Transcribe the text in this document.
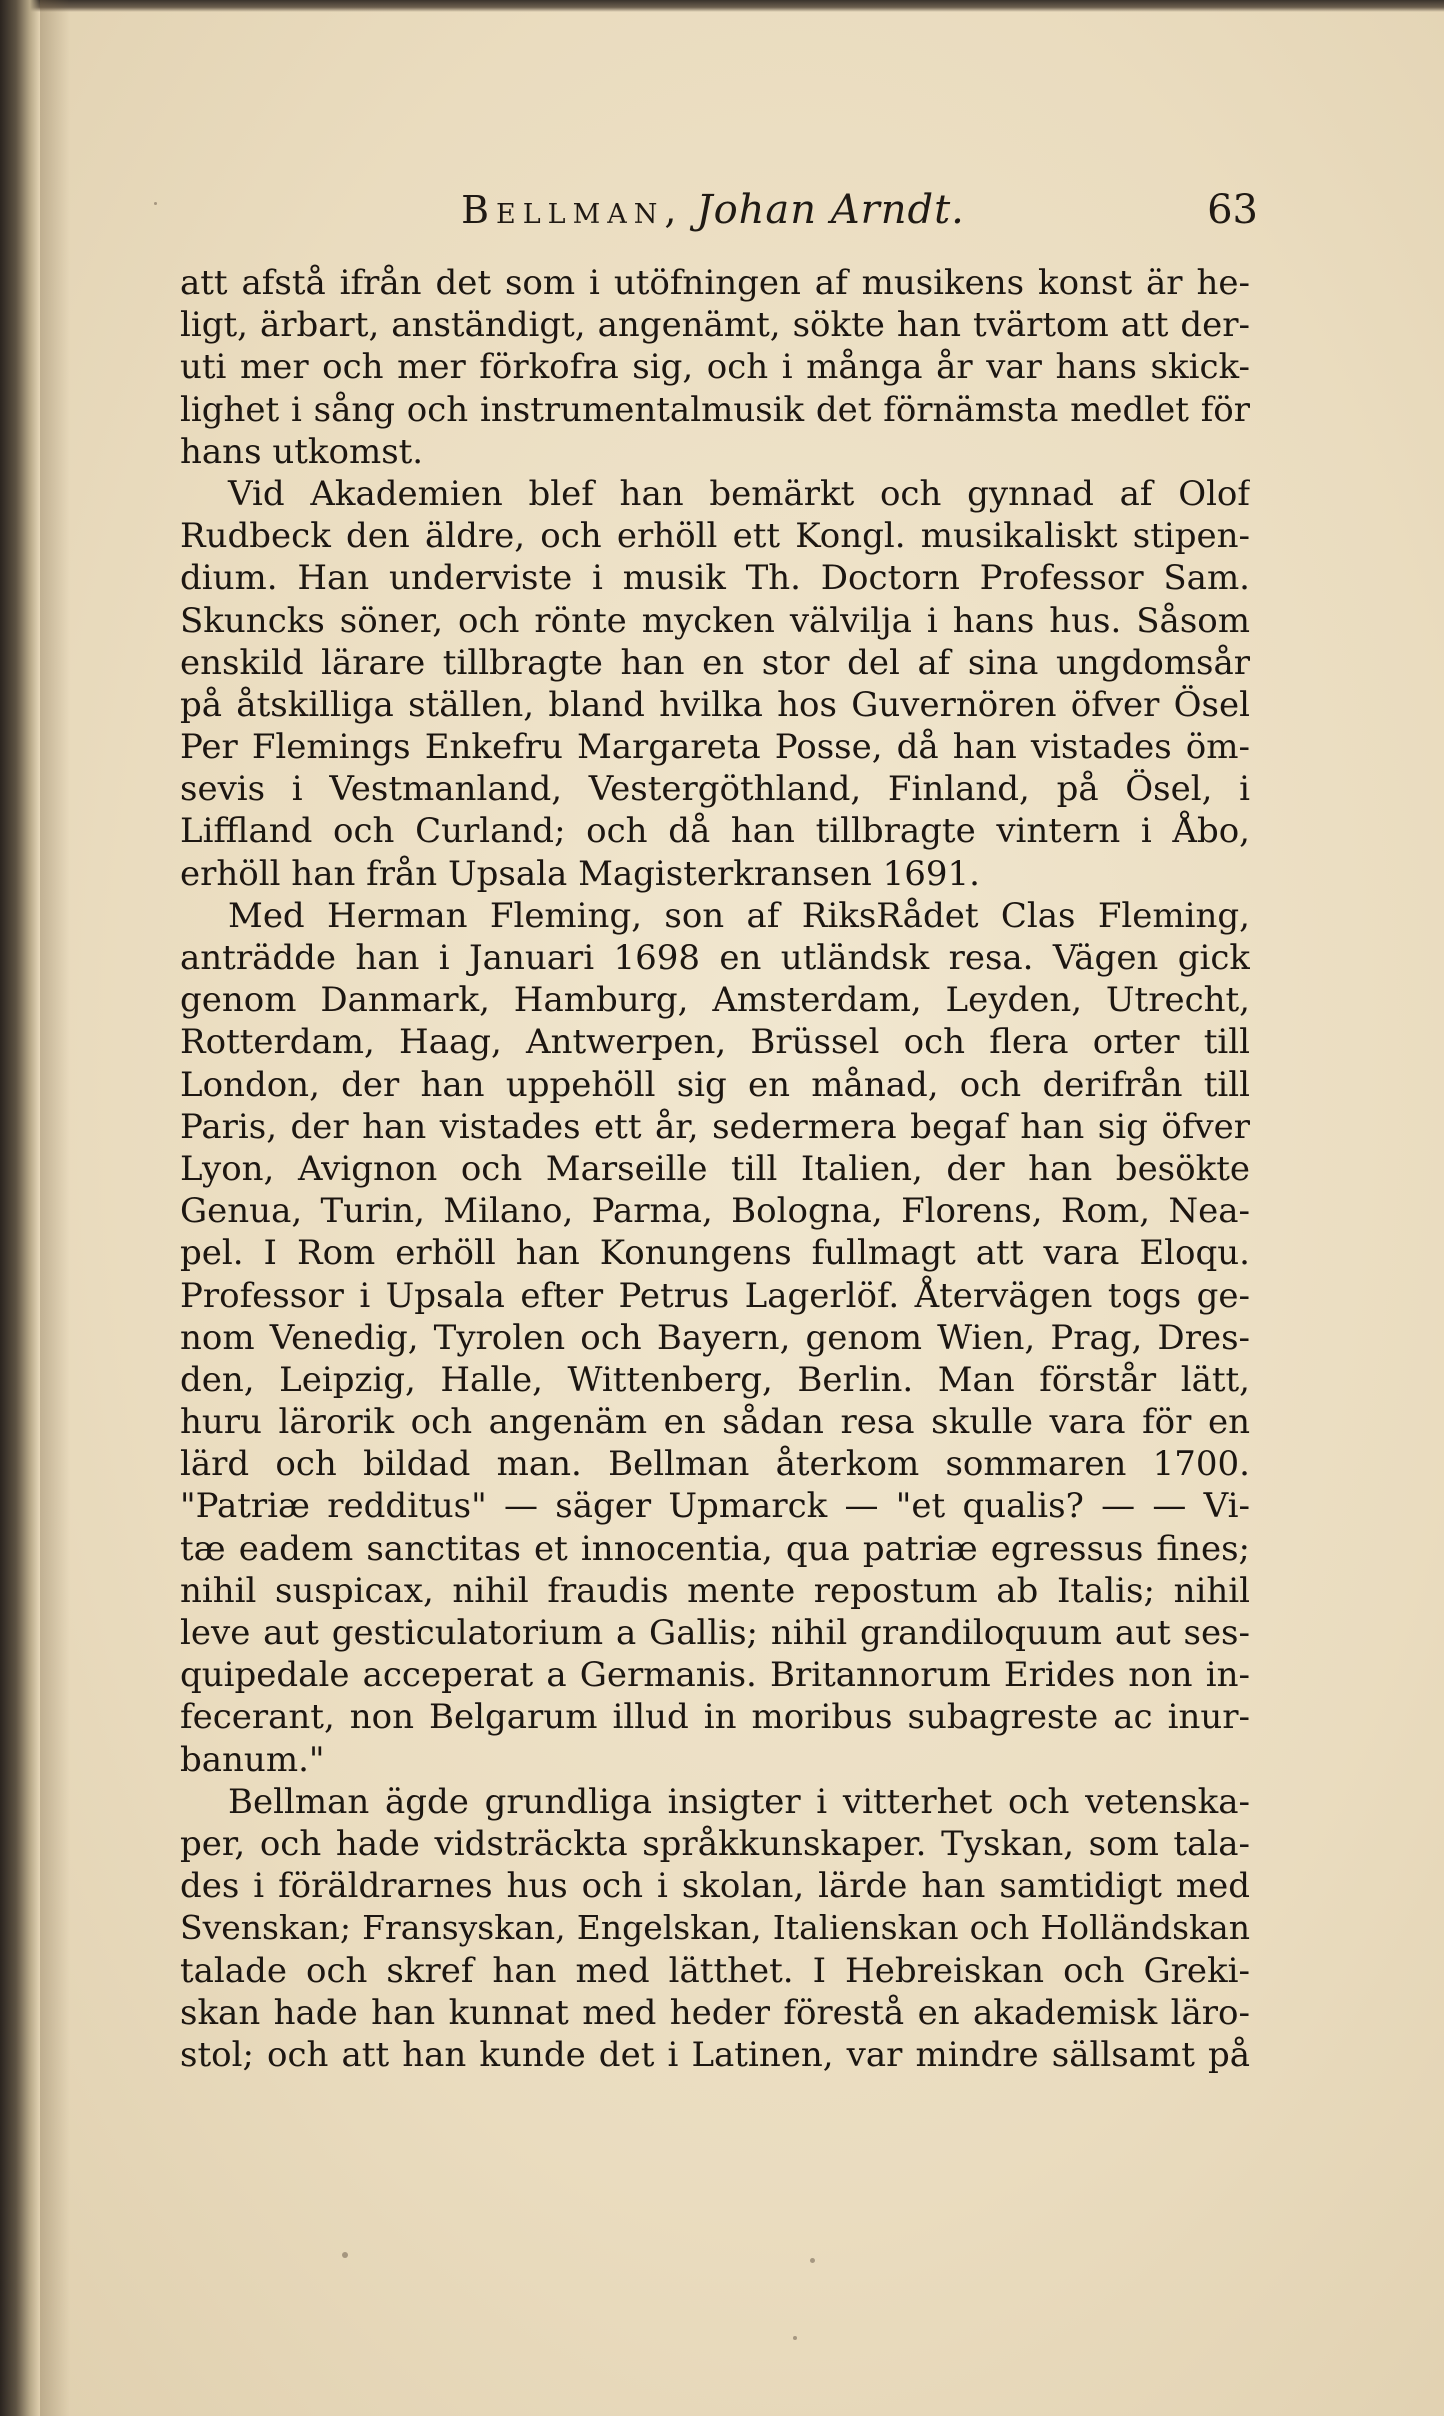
Bellman, Johan Arndt.	63
att afstå ifrån det som i utöfningen af musikens konst är he-
ligt, ärbart, anständigt, angenämt, sökte han tvärtom att der-
uti mer och mer förkofra sig, och i många år var hans skick-
lighet i sång och instrumentalmusik det förnämsta medlet för
hans utkomst.
Vid Akademien blef han bemärkt och gynnad af Olof
Rudbeck den äldre, och erhöll ett Kongl. musikaliskt stipen-
dium. Han underviste i musik Th. Doctorn Professor Sam.
Skuncks söner, och rönte mycken välvilja i hans hus. Såsom
enskild lärare tillbragte han en stor del af sina ungdomsår
på åtskilliga ställen, bland hvilka hos Guvernören öfver Ösel
Per Flemings Enkefru Margareta Posse, då han vistades öm-
sevis i Vestmanland, Vestergöthland, Finland, på Ösel, i
Liffland och Curland; och då han tillbragte vintern i Åbo,
erhöll han från Upsala Magisterkransen 1691.
Med Herman Fleming, son af RiksRådet Clas Fleming,
anträdde han i Januari 1698 en utländsk resa. Vägen gick
genom Danmark, Hamburg, Amsterdam, Leyden, Utrecht,
Rotterdam, Haag, Antwerpen, Brüssel och flera orter till
London, der han uppehöll sig en månad, och derifrån till
Paris, der han vistades ett år, sedermera begaf han sig öfver
Lyon, Avignon och Marseille till Italien, der han besökte
Genua, Turin, Milano, Parma, Bologna, Florens, Rom, Nea-
pel. I Rom erhöll han Konungens fullmagt att vara Eloqu.
Professor i Upsala efter Petrus Lagerlöf. Återvägen togs ge-
nom Venedig, Tyrolen och Bayern, genom Wien, Prag, Dres-
den, Leipzig, Halle, Wittenberg, Berlin. Man förstår lätt,
huru lärorik och angenäm en sådan resa skulle vara för en
lärd och bildad man. Bellman återkom sommaren 1700.
"Patriæ redditus" — säger Upmarck — "et qualis? — — Vi-
tæ eadem sanctitas et innocentia, qua patriæ egressus fines;
nihil suspicax, nihil fraudis mente repostum ab Italis; nihil
leve aut gesticulatorium a Gallis; nihil grandiloquum aut ses-
quipedale acceperat a Germanis. Britannorum Erides non in-
fecerant, non Belgarum illud in moribus subagreste ac inur-
banum."
Bellman ägde grundliga insigter i vitterhet och vetenska-
per, och hade vidsträckta språkkunskaper. Tyskan, som tala-
des i föräldrarnes hus och i skolan, lärde han samtidigt med
Svenskan; Fransyskan, Engelskan, Italienskan och Holländskan
talade och skref han med lätthet. I Hebreiskan och Greki-
skan hade han kunnat med heder förestå en akademisk läro-
stol; och att han kunde det i Latinen, var mindre sällsamt på
